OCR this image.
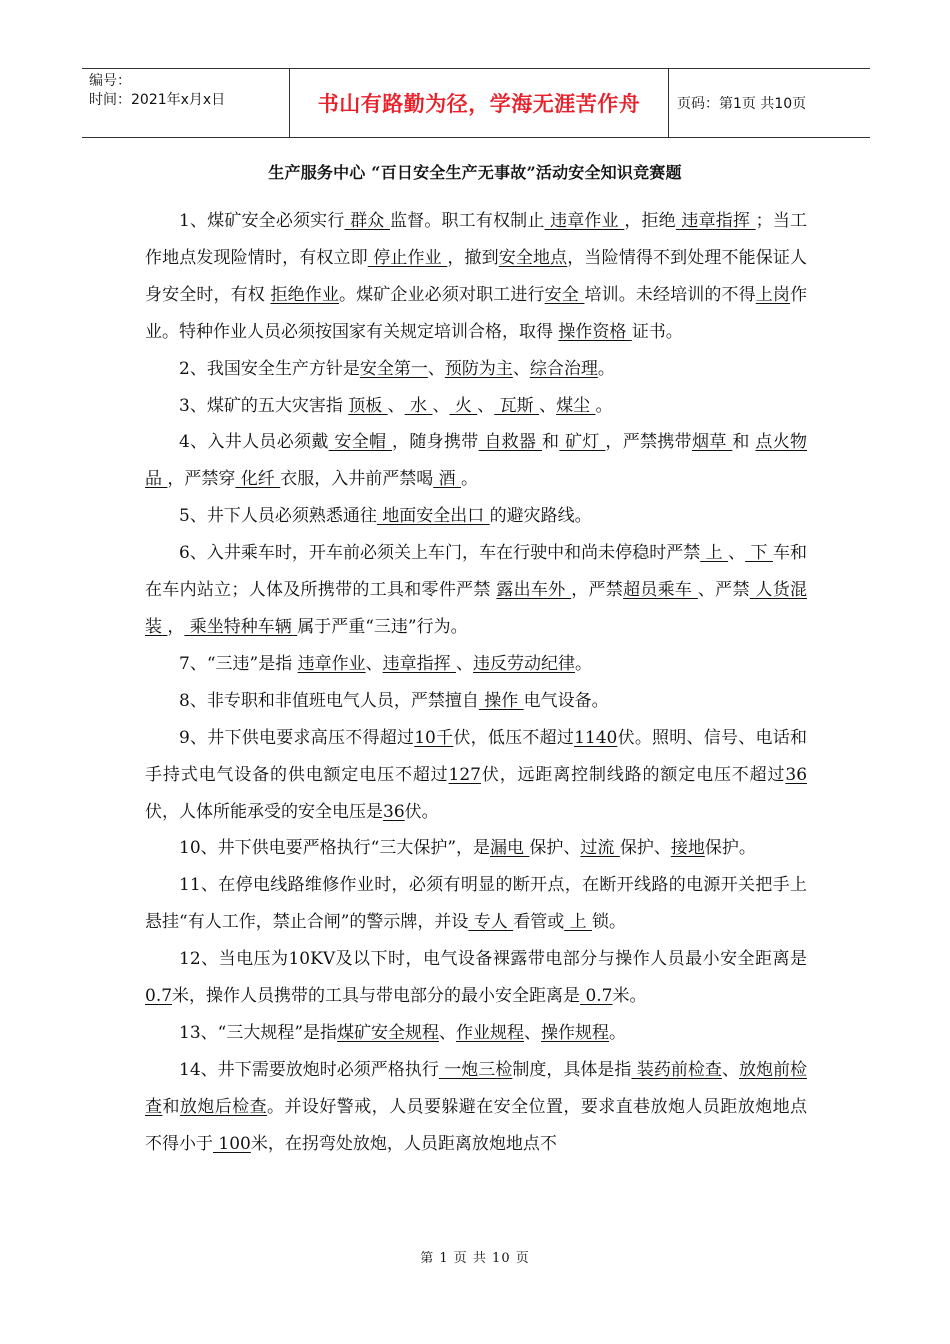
编号：
时间：2021年x月x日	书山有路勤为径，学海无涯苦作舟	页码：第1页 共10页
生产服务中心 “百日安全生产无事故”活动安全知识竞赛题

1、煤矿安全必须实行 群众 监督。职工有权制止 违章作业 ，拒绝 违章指挥 ；当工作地点发现险情时，有权立即 停止作业 ，撤到安全地点，当险情得不到处理不能保证人身安全时，有权 拒绝作业。煤矿企业必须对职工进行安全 培训。未经培训的不得上岗作业。特种作业人员必须按国家有关规定培训合格，取得 操作资格 证书。

2、我国安全生产方针是安全第一、预防为主、综合治理。

3、煤矿的五大灾害指 顶板 、 水 、 火 、 瓦斯 、煤尘 。

4、入井人员必须戴 安全帽 ，随身携带 自救器 和 矿灯 ，严禁携带烟草 和 点火物品 ，严禁穿 化纤 衣服，入井前严禁喝 酒 。

5、井下人员必须熟悉通往 地面安全出口 的避灾路线。

6、入井乘车时，开车前必须关上车门，车在行驶中和尚未停稳时严禁 上 、 下 车和在车内站立；人体及所携带的工具和零件严禁 露出车外 ，严禁超员乘车 、严禁 人货混装 ， 乘坐特种车辆 属于严重“三违”行为。

7、“三违”是指 违章作业、违章指挥 、违反劳动纪律。

8、非专职和非值班电气人员，严禁擅自 操作 电气设备。

9、井下供电要求高压不得超过10千伏，低压不超过1140伏。照明、信号、电话和手持式电气设备的供电额定电压不超过127伏，远距离控制线路的额定电压不超过36伏，人体所能承受的安全电压是36伏。

10、井下供电要严格执行“三大保护”，是漏电 保护、过流 保护、接地保护。

11、在停电线路维修作业时，必须有明显的断开点，在断开线路的电源开关把手上悬挂“有人工作，禁止合闸”的警示牌，并设 专人 看管或 上 锁。

12、当电压为10KV及以下时，电气设备裸露带电部分与操作人员最小安全距离是 0.7米，操作人员携带的工具与带电部分的最小安全距离是 0.7米。

13、“三大规程”是指煤矿安全规程、作业规程、操作规程。

14、井下需要放炮时必须严格执行 一炮三检制度，具体是指 装药前检查、放炮前检查和放炮后检查。并设好警戒，人员要躲避在安全位置，要求直巷放炮人员距放炮地点不得小于 100米，在拐弯处放炮，人员距离放炮地点不

第 1 页 共 10 页
